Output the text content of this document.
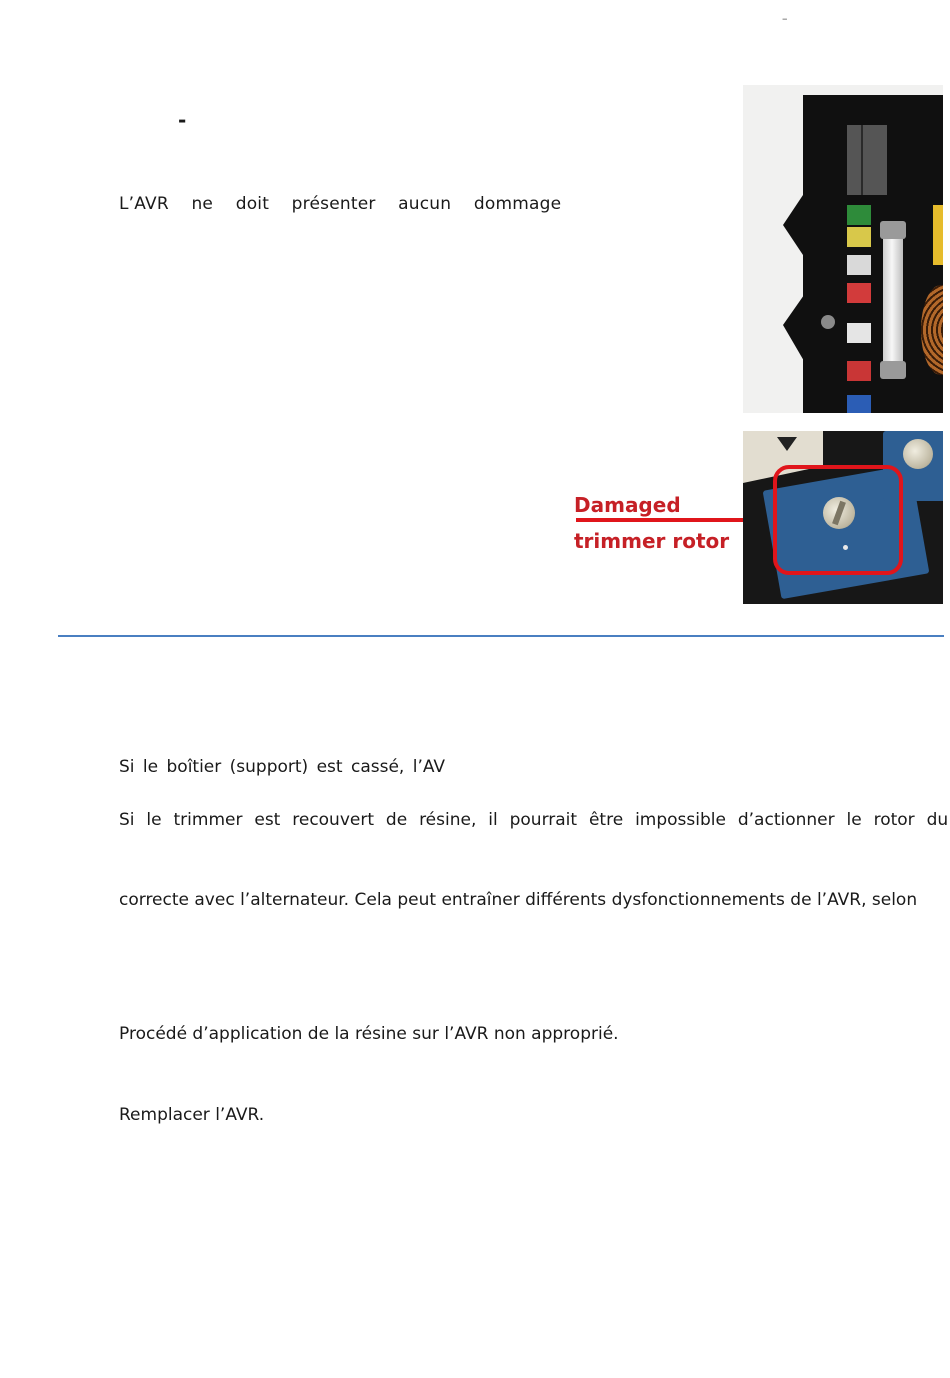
–
-
L’AVR ne doit présenter aucun dommage
Damaged
trimmer rotor
Si le boîtier (support) est cassé, l’AV
Si le trimmer est recouvert de résine, il pourrait être impossible d’actionner le rotor du
correcte avec l’alternateur. Cela peut entraîner différents dysfonctionnements de l’AVR, selon
Procédé d’application de la résine sur l’AVR non approprié.
Remplacer l’AVR.
